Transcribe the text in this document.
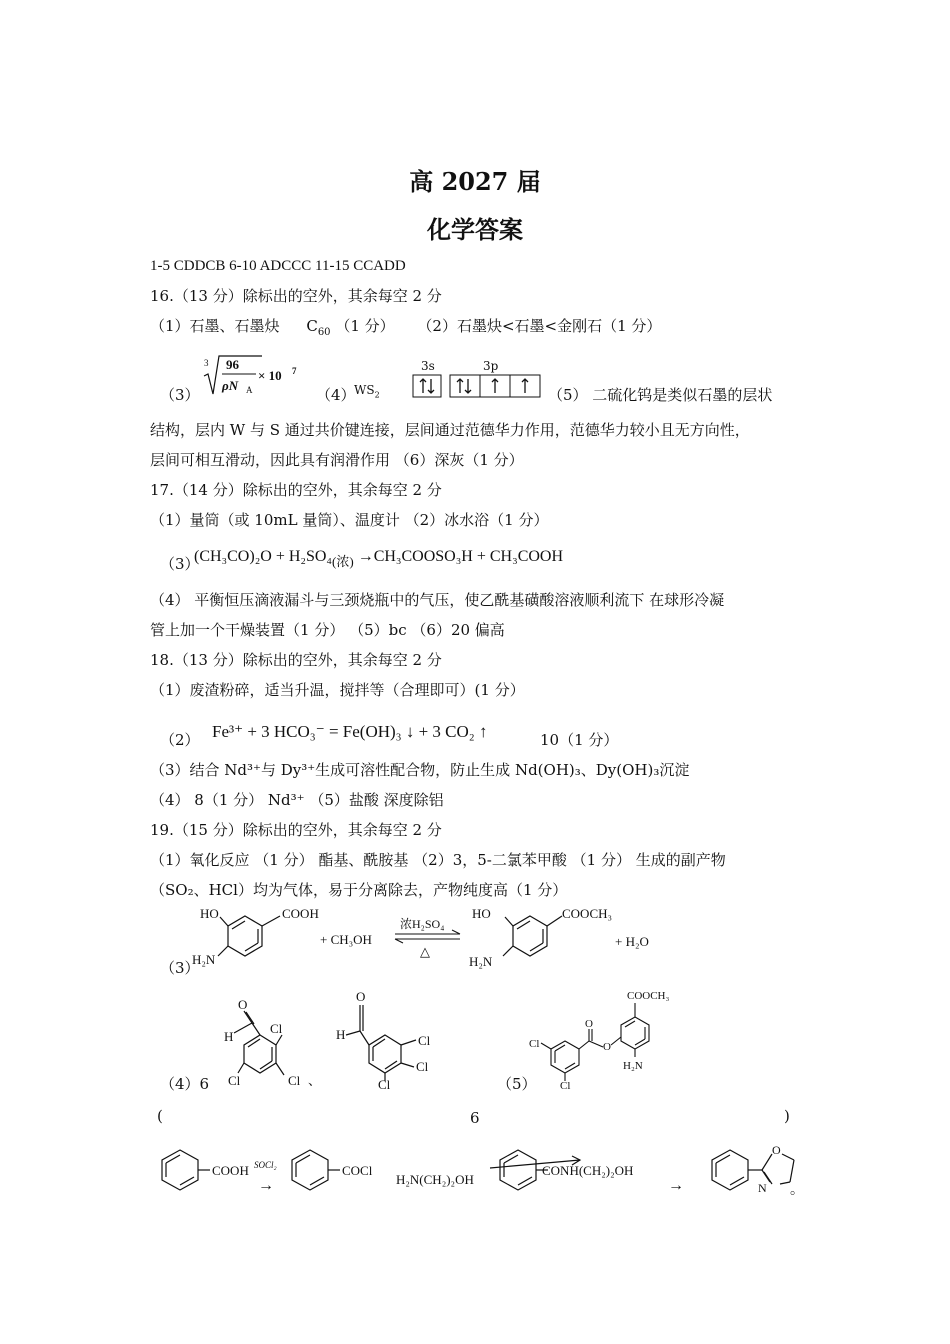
高 2027 届
化学答案
1-5 CDDCB 6-10 ADCCC 11-15 CCADD
16.（13 分）除标出的空外，其余每空 2 分
（1）石墨、石墨炔 $C_{60}$ （1 分） （2）石墨炔<石墨<金刚石（1 分）
（3）
3 96
ρN A
× 10 7
（4）
$WS_2$
3s	3p
（5） 二硫化钨是类似石墨的层状
结构，层内 W 与 S 通过共价键连接，层间通过范德华力作用，范德华力较小且无方向性，
层间可相互滑动，因此具有润滑作用 （6）深灰（1 分）
17.（14 分）除标出的空外，其余每空 2 分
（1）量筒（或 10mL 量筒）、温度计 （2）冰水浴（1 分）
（3）
$(CH_3CO)_2O + H_2SO_4_{(浓)}$ →CH₃COOSO₃H + CH₃COOH
（4） 平衡恒压滴液漏斗与三颈烧瓶中的气压，使乙酰基磺酸溶液顺利流下 在球形冷凝
管上加一个干燥装置（1 分） （5）bc （6）20 偏高
18.（13 分）除标出的空外，其余每空 2 分
（1）废渣粉碎，适当升温，搅拌等（合理即可）(1 分）
（2） Fe³⁺ + 3 HCO₃⁻ = Fe(OH)₃ ↓ + 3 CO₂ ↑	10（1 分）
（3）结合 Nd³⁺与 Dy³⁺生成可溶性配合物，防止生成 Nd(OH)₃、Dy(OH)₃沉淀
（4） 8（1 分） Nd³⁺ （5）盐酸 深度除铝
19.（15 分）除标出的空外，其余每空 2 分
（1）氧化反应 （1 分） 酯基、酰胺基 （2）3，5-二氯苯甲酸 （1 分） 生成的副产物
（SO₂、HCl）均为气体，易于分离除去，产物纯度高（1 分）
（3）
HO	COOH
H₂N
+ CH₃OH
浓H₂SO₄
△
HO	COOCH₃
H₂N
+ H₂O
（4）6
O
H
Cl
Cl	Cl 、
O
H	Cl
Cl
Cl	（5）
Cl
Cl
O
O
COOCH₃
H₂N
(	6	)
COOH SOCl₂
→
COCl
H₂N(CH₂)₂OH
CONH(CH₂)₂OH
→
O
N 。
